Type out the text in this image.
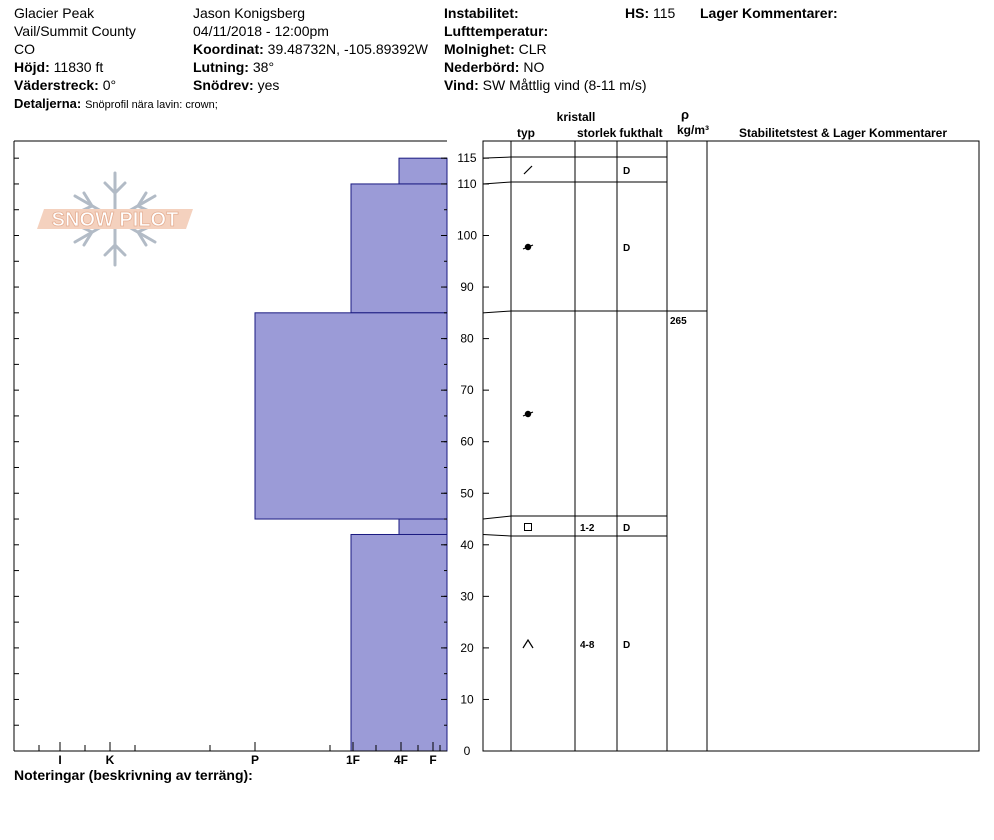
Glacier Peak
Vail/Summit County
CO
Höjd: 11830 ft
Väderstreck: 0°
Detaljerna: Snöprofil nära lavin: crown;
Jason Konigsberg
04/11/2018 - 12:00pm
Koordinat: 39.48732N, -105.89392W
Lutning: 38°
Snödrev: yes
Instabilitet:
Lufttemperatur:
Molnighet: CLR
Nederbörd: NO
Vind: SW Måttlig vind (8-11 m/s)
HS: 115 Lager Kommentarer:
kristall
typ	storlek fukthalt
ρ
kg/m³	Stabilitetstest & Lager Kommentarer
SNOW PILOT
I	K	P	1F	4F F
0
10
20
30
40
50
60
70
80
90
100
110
115
D
D
1-2	D
4-8	D
265
Noteringar (beskrivning av terräng):
